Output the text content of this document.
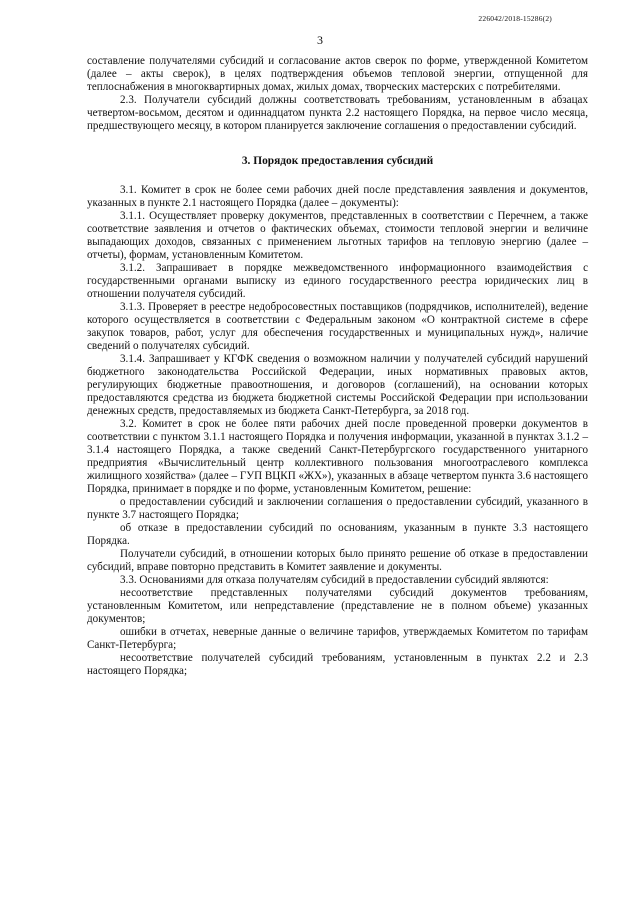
226042/2018-15286(2)
3

составление получателями субсидий и согласование актов сверок по форме, утвержденной Комитетом (далее – акты сверок), в целях подтверждения объемов тепловой энергии, отпущенной для теплоснабжения в многоквартирных домах, жилых домах, творческих мастерских с потребителями.

2.3. Получатели субсидий должны соответствовать требованиям, установленным в абзацах четвертом-восьмом, десятом и одиннадцатом пункта 2.2 настоящего Порядка, на первое число месяца, предшествующего месяцу, в котором планируется заключение соглашения о предоставлении субсидий.

3. Порядок предоставления субсидий

3.1. Комитет в срок не более семи рабочих дней после представления заявления и документов, указанных в пункте 2.1 настоящего Порядка (далее – документы):

3.1.1. Осуществляет проверку документов, представленных в соответствии с Перечнем, а также соответствие заявления и отчетов о фактических объемах, стоимости тепловой энергии и величине выпадающих доходов, связанных с применением льготных тарифов на тепловую энергию (далее – отчеты), формам, установленным Комитетом.

3.1.2. Запрашивает в порядке межведомственного информационного взаимодействия с государственными органами выписку из единого государственного реестра юридических лиц в отношении получателя субсидий.

3.1.3. Проверяет в реестре недобросовестных поставщиков (подрядчиков, исполнителей), ведение которого осуществляется в соответствии с Федеральным законом «О контрактной системе в сфере закупок товаров, работ, услуг для обеспечения государственных и муниципальных нужд», наличие сведений о получателях субсидий.

3.1.4. Запрашивает у КГФК сведения о возможном наличии у получателей субсидий нарушений бюджетного законодательства Российской Федерации, иных нормативных правовых актов, регулирующих бюджетные правоотношения, и договоров (соглашений), на основании которых предоставляются средства из бюджета бюджетной системы Российской Федерации при использовании денежных средств, предоставляемых из бюджета Санкт-Петербурга, за 2018 год.

3.2. Комитет в срок не более пяти рабочих дней после проведенной проверки документов в соответствии с пунктом 3.1.1 настоящего Порядка и получения информации, указанной в пунктах 3.1.2 – 3.1.4 настоящего Порядка, а также сведений Санкт-Петербургского государственного унитарного предприятия «Вычислительный центр коллективного пользования многоотраслевого комплекса жилищного хозяйства» (далее – ГУП ВЦКП «ЖХ»), указанных в абзаце четвертом пункта 3.6 настоящего Порядка, принимает в порядке и по форме, установленным Комитетом, решение:

о предоставлении субсидий и заключении соглашения о предоставлении субсидий, указанного в пункте 3.7 настоящего Порядка;

об отказе в предоставлении субсидий по основаниям, указанным в пункте 3.3 настоящего Порядка.

Получатели субсидий, в отношении которых было принято решение об отказе в предоставлении субсидий, вправе повторно представить в Комитет заявление и документы.

3.3. Основаниями для отказа получателям субсидий в предоставлении субсидий являются:

несоответствие представленных получателями субсидий документов требованиям, установленным Комитетом, или непредставление (представление не в полном объеме) указанных документов;

ошибки в отчетах, неверные данные о величине тарифов, утверждаемых Комитетом по тарифам Санкт-Петербурга;

несоответствие получателей субсидий требованиям, установленным в пунктах 2.2 и 2.3 настоящего Порядка;
